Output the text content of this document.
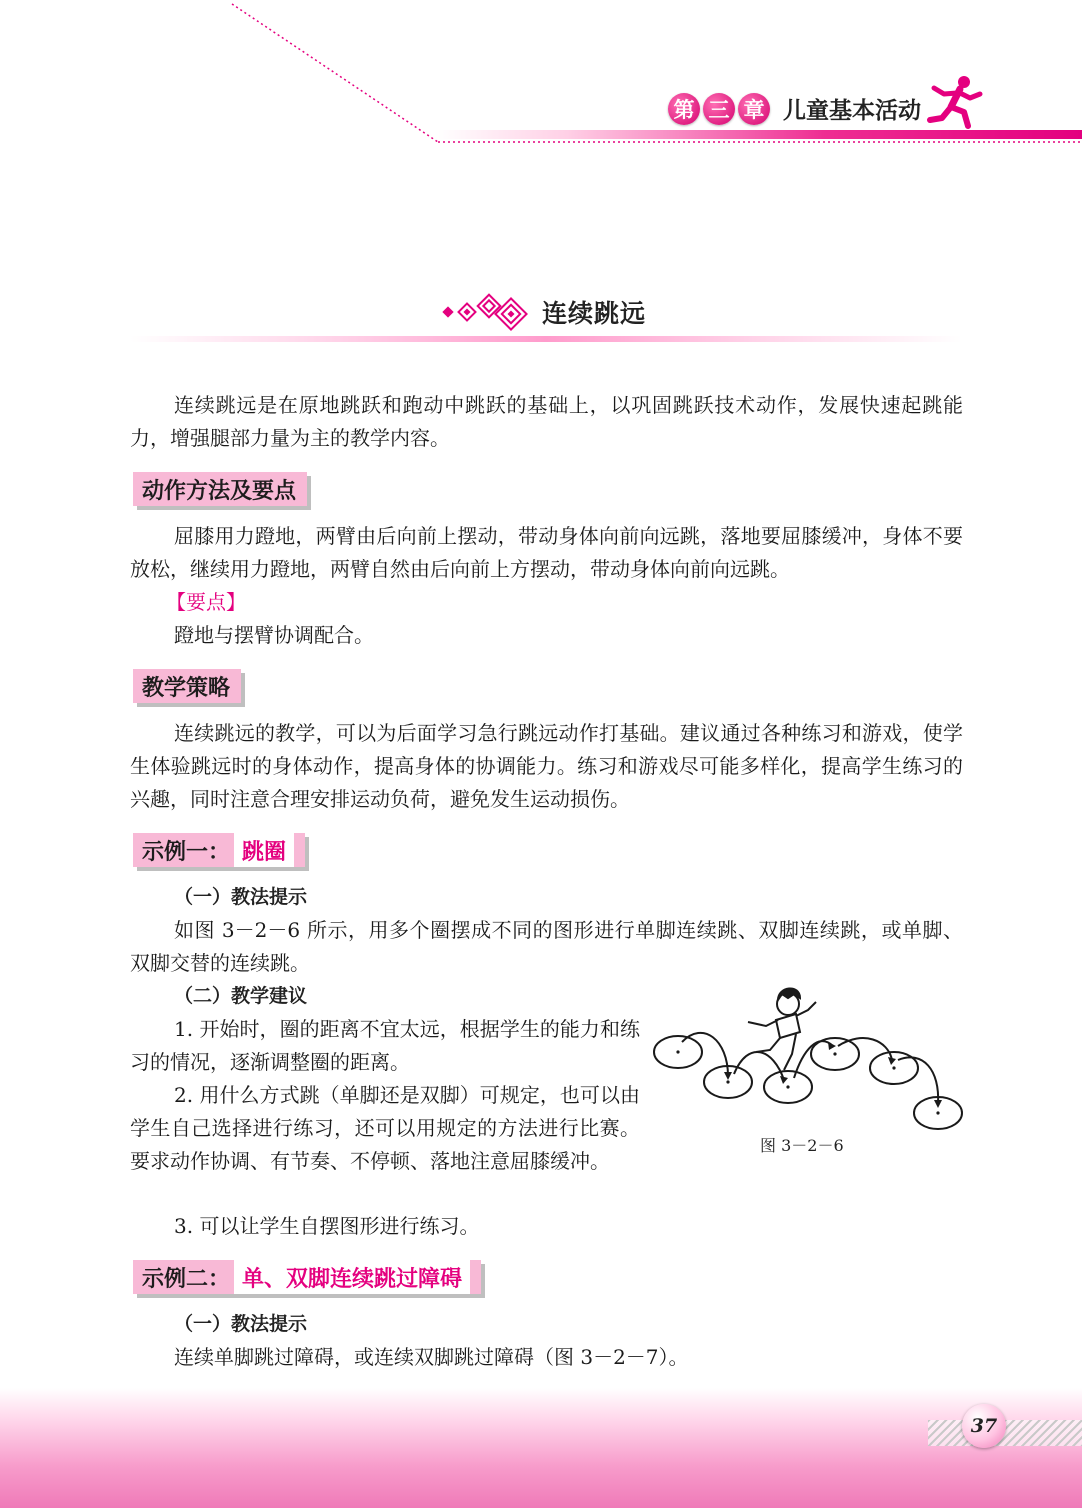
第 三 章 儿童基本活动
连续跳远

连续跳远是在原地跳跃和跑动中跳跃的基础上，以巩固跳跃技术动作，发展快速起跳能力，增强腿部力量为主的教学内容。

动作方法及要点

屈膝用力蹬地，两臂由后向前上摆动，带动身体向前向远跳，落地要屈膝缓冲，身体不要放松，继续用力蹬地，两臂自然由后向前上方摆动，带动身体向前向远跳。

【要点】

蹬地与摆臂协调配合。

教学策略

连续跳远的教学，可以为后面学习急行跳远动作打基础。建议通过各种练习和游戏，使学生体验跳远时的身体动作，提高身体的协调能力。练习和游戏尽可能多样化，提高学生练习的兴趣，同时注意合理安排运动负荷，避免发生运动损伤。

示例一： 跳圈
（一）教法提示

如图 3－2－6 所示，用多个圈摆成不同的图形进行单脚连续跳、双脚连续跳，或单脚、双脚交替的连续跳。

（二）教学建议

1. 开始时，圈的距离不宜太远，根据学生的能力和练习的情况，逐渐调整圈的距离。

2. 用什么方式跳（单脚还是双脚）可规定，也可以由学生自己选择进行练习，还可以用规定的方法进行比赛。要求动作协调、有节奏、不停顿、落地注意屈膝缓冲。

3. 可以让学生自摆图形进行练习。

图 3－2－6
示例二： 单、双脚连续跳过障碍
（一）教法提示

连续单脚跳过障碍，或连续双脚跳过障碍（图 3－2－7）。

37
